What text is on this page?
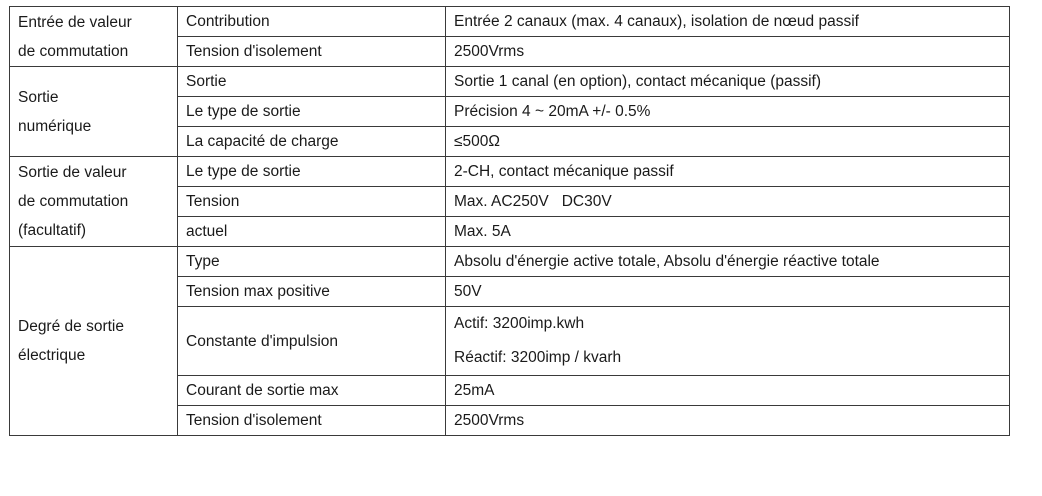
Entrée de valeur
de commutation	Contribution	Entrée 2 canaux (max. 4 canaux), isolation de nœud passif
	Tension d'isolement	2500Vrms

Sortie
numérique	Sortie	Sortie 1 canal (en option), contact mécanique (passif)
	Le type de sortie	Précision 4 ~ 20mA +/- 0.5%
	La capacité de charge	≤500Ω

Sortie de valeur
de commutation
(facultatif)	Le type de sortie	2-CH, contact mécanique passif
	Tension	Max. AC250V   DC30V
	actuel	Max. 5A

Degré de sortie
électrique	Type	Absolu d'énergie active totale, Absolu d'énergie réactive totale
	Tension max positive	50V
	Constante d'impulsion	Actif: 3200imp.kwh
Réactif: 3200imp / kvarh

	Courant de sortie max	25mA
	Tension d'isolement	2500Vrms
